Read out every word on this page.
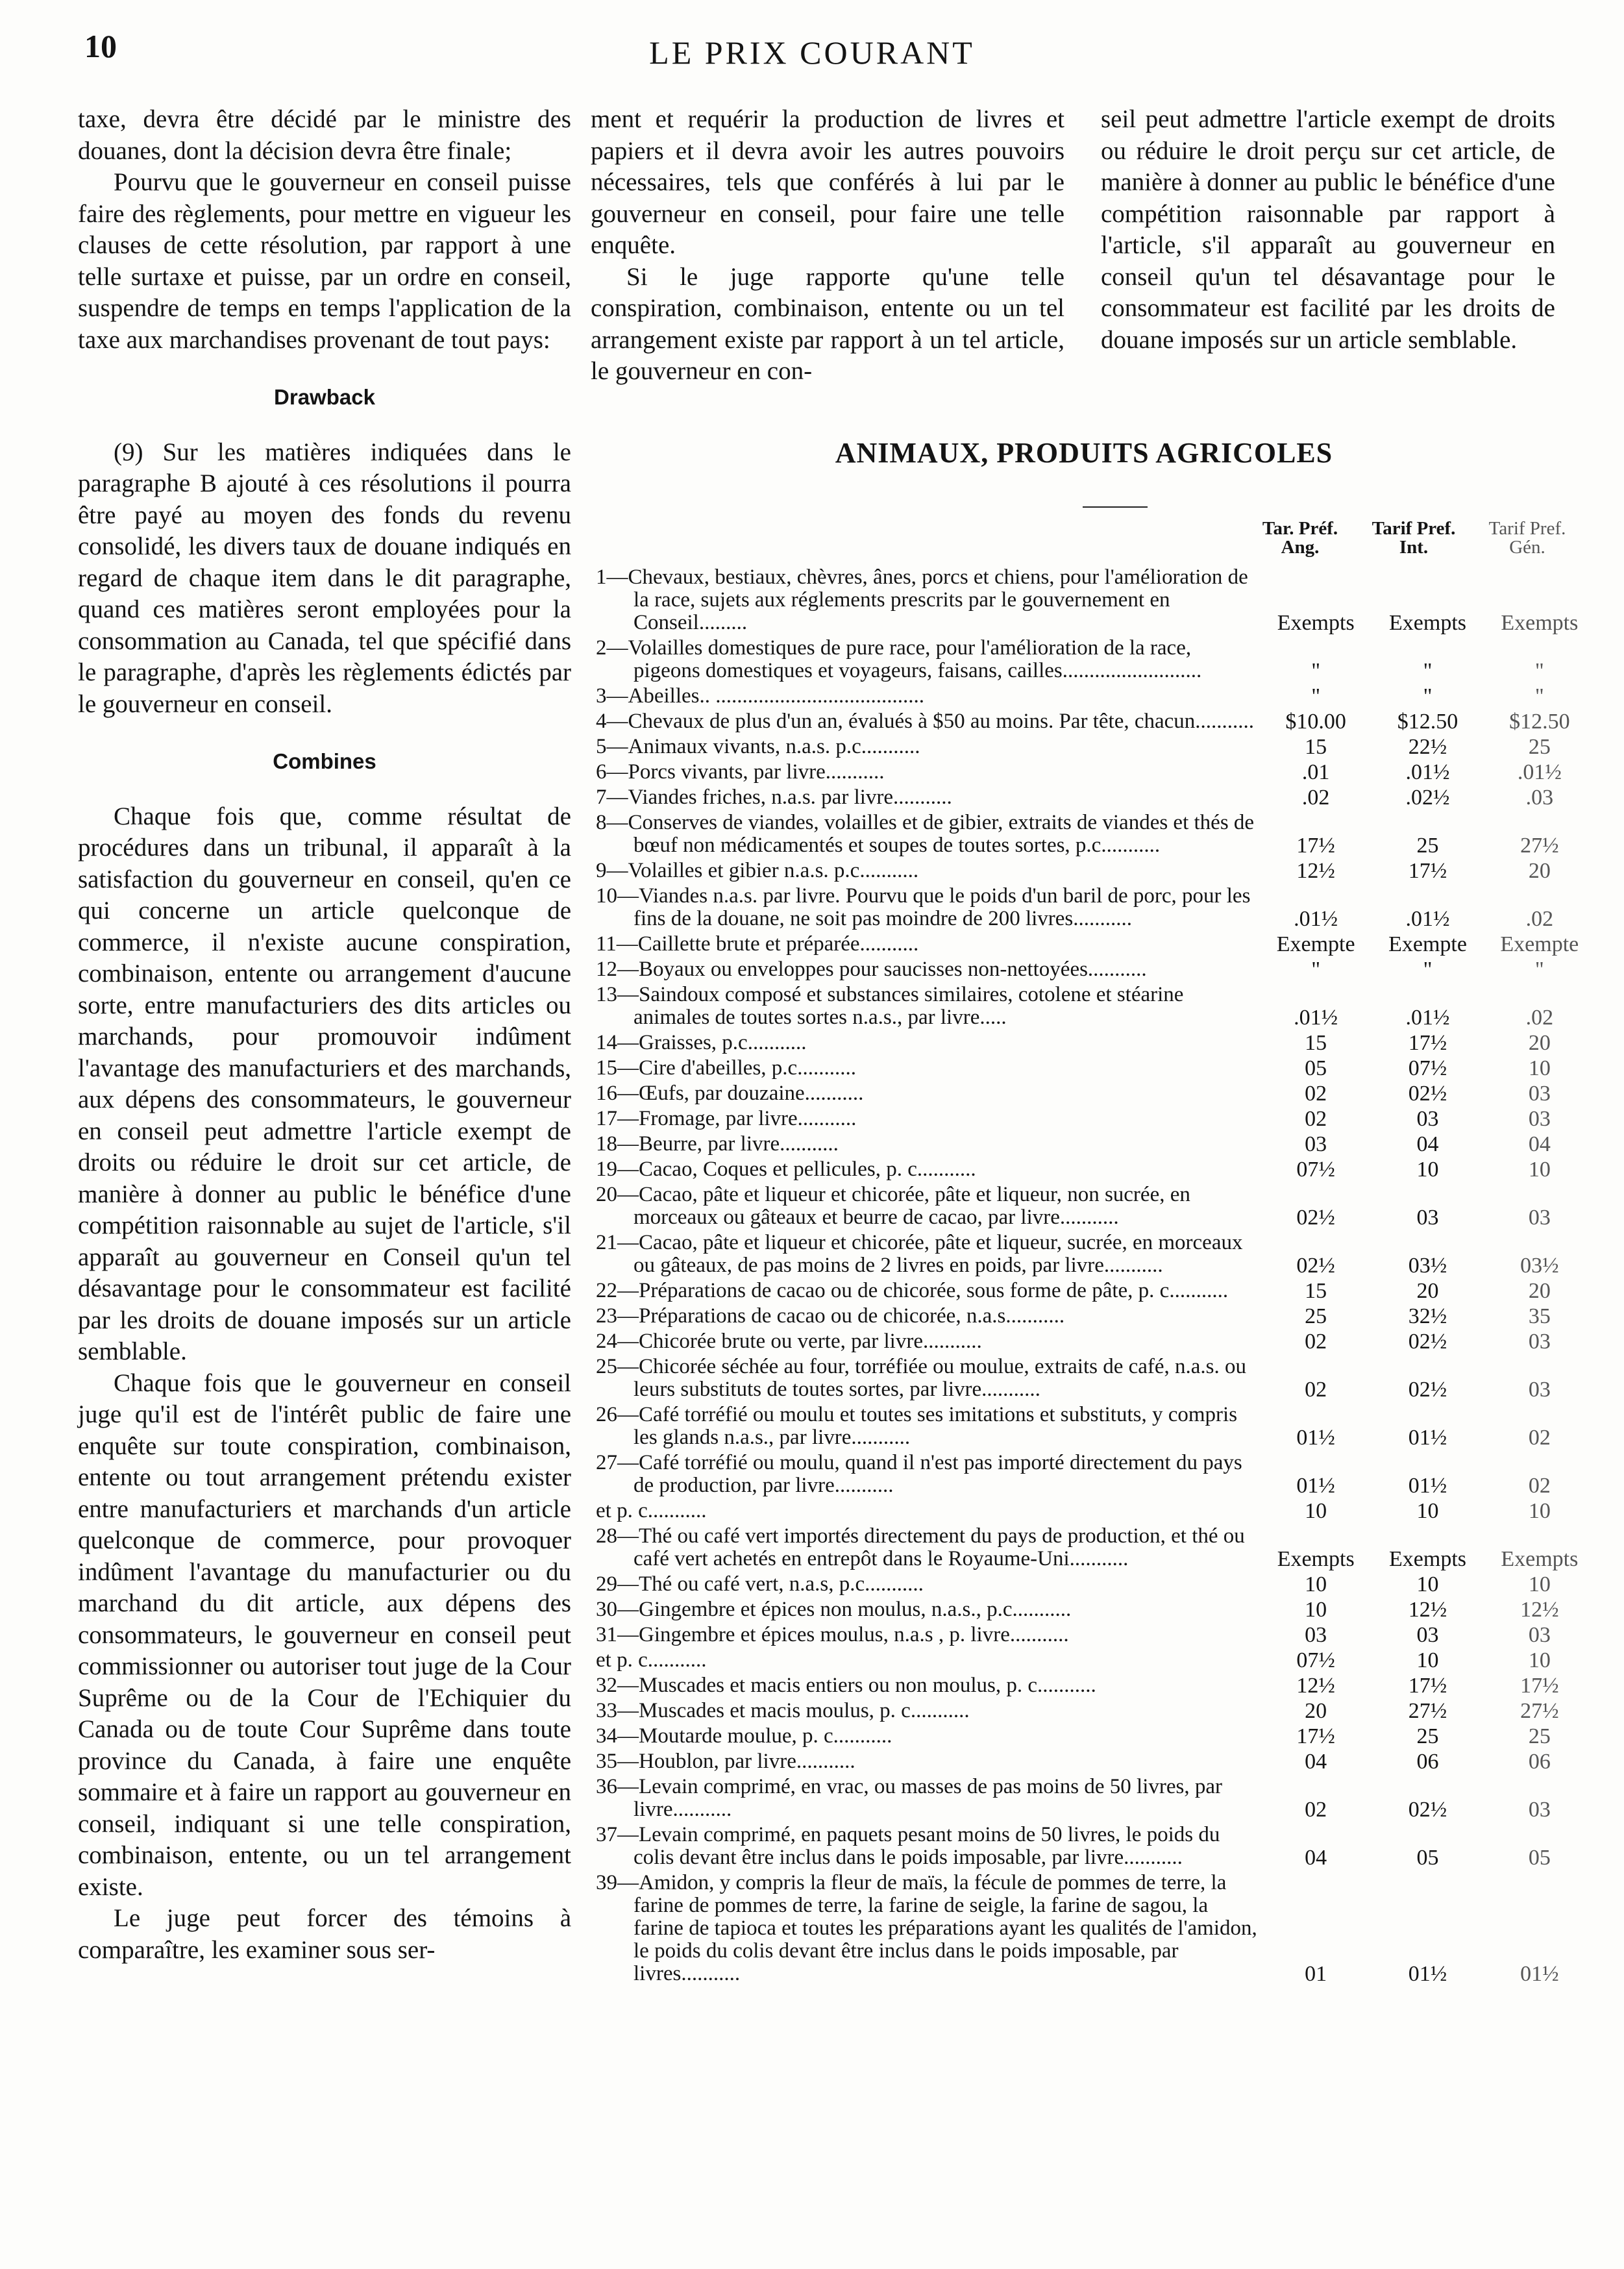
10	LE PRIX COURANT

taxe, devra être décidé par le ministre des douanes, dont la décision devra être finale;

Pourvu que le gouverneur en conseil puisse faire des règlements, pour mettre en vigueur les clauses de cette résolution, par rapport à une telle surtaxe et puisse, par un ordre en conseil, suspendre de temps en temps l'application de la taxe aux marchandises provenant de tout pays:

Drawback

(9) Sur les matières indiquées dans le paragraphe B ajouté à ces résolutions il pourra être payé au moyen des fonds du revenu consolidé, les divers taux de douane indiqués en regard de chaque item dans le dit paragraphe, quand ces matières seront employées pour la consommation au Canada, tel que spécifié dans le paragraphe, d'après les règlements édictés par le gouverneur en conseil.

Combines

Chaque fois que, comme résultat de procédures dans un tribunal, il apparaît à la satisfaction du gouverneur en conseil, qu'en ce qui concerne un article quelconque de commerce, il n'existe aucune conspiration, combinaison, entente ou arrangement d'aucune sorte, entre manufacturiers des dits articles ou marchands, pour promouvoir indûment l'avantage des manufacturiers et des marchands, aux dépens des consommateurs, le gouverneur en conseil peut admettre l'article exempt de droits ou réduire le droit sur cet article, de manière à donner au public le bénéfice d'une compétition raisonnable au sujet de l'article, s'il apparaît au gouverneur en Conseil qu'un tel désavantage pour le consommateur est facilité par les droits de douane imposés sur un article semblable.

Chaque fois que le gouverneur en conseil juge qu'il est de l'intérêt public de faire une enquête sur toute conspiration, combinaison, entente ou tout arrangement prétendu exister entre manufacturiers et marchands d'un article quelconque de commerce, pour provoquer indûment l'avantage du manufacturier ou du marchand du dit article, aux dépens des consommateurs, le gouverneur en conseil peut commissionner ou autoriser tout juge de la Cour Suprême ou de la Cour de l'Echiquier du Canada ou de toute Cour Suprême dans toute province du Canada, à faire une enquête sommaire et à faire un rapport au gouverneur en conseil, indiquant si une telle conspiration, combinaison, entente, ou un tel arrangement existe.

Le juge peut forcer des témoins à comparaître, les examiner sous ser-

ment et requérir la production de livres et papiers et il devra avoir les autres pouvoirs nécessaires, tels que conférés à lui par le gouverneur en conseil, pour faire une telle enquête.

Si le juge rapporte qu'une telle conspiration, combinaison, entente ou un tel arrangement existe par rapport à un tel article, le gouverneur en con-

seil peut admettre l'article exempt de droits ou réduire le droit perçu sur cet article, de manière à donner au public le bénéfice d'une compétition raisonnable par rapport à l'article, s'il apparaît au gouverneur en conseil qu'un tel désavantage pour le consommateur est facilité par les droits de douane imposés sur un article semblable.

ANIMAUX, PRODUITS AGRICOLES
Tar. Préf.
Ang.
Tarif Pref.
Int.
Tarif Pref.
Gén.
1—Chevaux, bestiaux, chèvres, ânes, porcs et chiens, pour l'amélioration de la race, sujets aux réglements prescrits par le gouvernement en Conseil.........	Exempts	Exempts	Exempts
2—Volailles domestiques de pure race, pour l'amélioration de la race, pigeons domestiques et voyageurs, faisans, cailles..........................	"	"	"
3—Abeilles.. .......................................	"	"	"
4—Chevaux de plus d'un an, évalués à $50 au moins. Par tête, chacun...........	$10.00	$12.50	$12.50
5—Animaux vivants, n.a.s. p.c...........	15	22½	25
6—Porcs vivants, par livre...........	.01	.01½	.01½
7—Viandes friches, n.a.s. par livre...........	.02	.02½	.03
8—Conserves de viandes, volailles et de gibier, extraits de viandes et thés de bœuf non médicamentés et soupes de toutes sortes, p.c...........	17½	25	27½
9—Volailles et gibier n.a.s. p.c...........	12½	17½	20
10—Viandes n.a.s. par livre. Pourvu que le poids d'un baril de porc, pour les fins de la douane, ne soit pas moindre de 200 livres...........	.01½	.01½	.02
11—Caillette brute et préparée...........	Exempte	Exempte	Exempte
12—Boyaux ou enveloppes pour saucisses non-nettoyées...........	"	"	"
13—Saindoux composé et substances similaires, cotolene et stéarine animales de toutes sortes n.a.s., par livre.....	.01½	.01½	.02
14—Graisses, p.c...........	15	17½	20
15—Cire d'abeilles, p.c...........	05	07½	10
16—Œufs, par douzaine...........	02	02½	03
17—Fromage, par livre...........	02	03	03
18—Beurre, par livre...........	03	04	04
19—Cacao, Coques et pellicules, p. c...........	07½	10	10
20—Cacao, pâte et liqueur et chicorée, pâte et liqueur, non sucrée, en morceaux ou gâteaux et beurre de cacao, par livre...........	02½	03	03
21—Cacao, pâte et liqueur et chicorée, pâte et liqueur, sucrée, en morceaux ou gâteaux, de pas moins de 2 livres en poids, par livre...........	02½	03½	03½
22—Préparations de cacao ou de chicorée, sous forme de pâte, p. c...........	15	20	20
23—Préparations de cacao ou de chicorée, n.a.s...........	25	32½	35
24—Chicorée brute ou verte, par livre...........	02	02½	03
25—Chicorée séchée au four, torréfiée ou moulue, extraits de café, n.a.s. ou leurs substituts de toutes sortes, par livre...........	02	02½	03
26—Café torréfié ou moulu et toutes ses imitations et substituts, y compris les glands n.a.s., par livre...........	01½	01½	02
27—Café torréfié ou moulu, quand il n'est pas importé directement du pays de production, par livre...........	01½	01½	02
et p. c...........	10	10	10
28—Thé ou café vert importés directement du pays de production, et thé ou café vert achetés en entrepôt dans le Royaume-Uni...........	Exempts	Exempts	Exempts
29—Thé ou café vert, n.a.s, p.c...........	10	10	10
30—Gingembre et épices non moulus, n.a.s., p.c...........	10	12½	12½
31—Gingembre et épices moulus, n.a.s , p. livre...........	03	03	03
et p. c...........	07½	10	10
32—Muscades et macis entiers ou non moulus, p. c...........	12½	17½	17½
33—Muscades et macis moulus, p. c...........	20	27½	27½
34—Moutarde moulue, p. c...........	17½	25	25
35—Houblon, par livre...........	04	06	06
36—Levain comprimé, en vrac, ou masses de pas moins de 50 livres, par livre...........	02	02½	03
37—Levain comprimé, en paquets pesant moins de 50 livres, le poids du colis devant être inclus dans le poids imposable, par livre...........	04	05	05
39—Amidon, y compris la fleur de maïs, la fécule de pommes de terre, la farine de pommes de terre, la farine de seigle, la farine de sagou, la farine de tapioca et toutes les préparations ayant les qualités de l'amidon, le poids du colis devant être inclus dans le poids imposable, par livres...........	01	01½	01½
